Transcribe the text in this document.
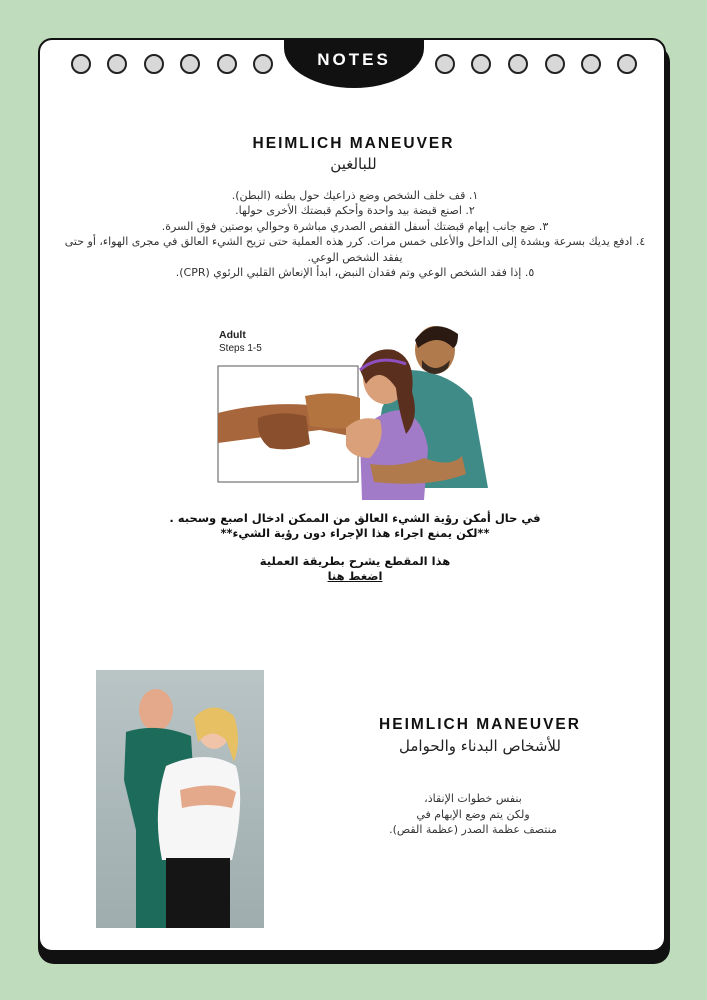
NOTES
HEIMLICH MANEUVER
للبالغين
١. قف خلف الشخص وضع ذراعيك حول بطنه (البطن).
٢. اصنع قبضة بيد واحدة وأحكم قبضتك الأخرى حولها.
٣. ضع جانب إبهام قبضتك أسفل القفص الصدري مباشرة وحوالي بوصتين فوق السرة.
٤. ادفع يديك بسرعة وبشدة إلى الداخل والأعلى خمس مرات. كرر هذه العملية حتى تزيح الشيء العالق في مجرى الهواء، أو حتى يفقد الشخص الوعي.
٥. إذا فقد الشخص الوعي وتم فقدان النبض، ابدأ الإنعاش القلبي الرئوي (CPR).
Adult
Steps 1-5
في حال أمكن رؤية الشيء العالق من الممكن ادخال اصبع وسحبه .
**لكن يمنع اجراء هذا الإجراء دون رؤية الشيء**
هذا المقطع يشرح بطريقة العملية
اضغط هنا
HEIMLICH MANEUVER
للأشخاص البدناء والحوامل
بنفس خطوات الإنقاذ،
ولكن يتم وضع الإبهام في
منتصف عظمة الصدر (عظمة القص).
